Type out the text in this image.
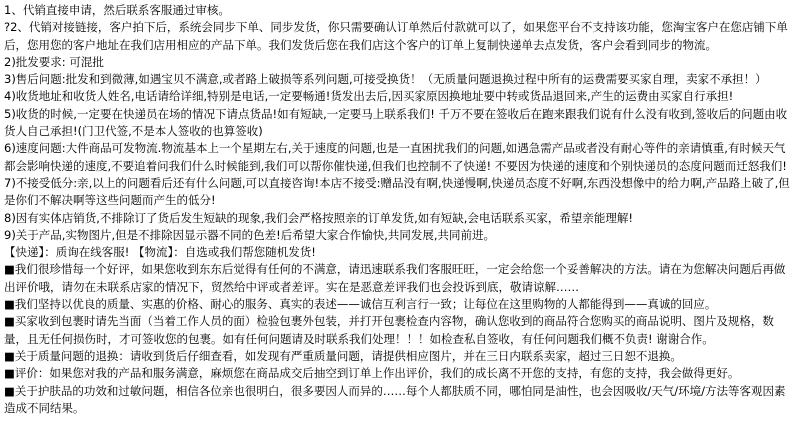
1、代销直接申请，然后联系客服通过审核。

?2、代销对接链接，客户拍下后，系统会同步下单、同步发货，你只需要确认订单然后付款就可以了，如果您平台不支持该功能，您淘宝客户在您店铺下单后，您用您的客户地址在我们店用相应的产品下单。我们发货后您在我们店这个客户的订单上复制快递单去点发货，客户会看到同步的物流。

2)批发要求: 可混批

3)售后问题:批发和到微薄,如遇宝贝不满意,或者路上破损等系列问题,可接受换货！（无质量问题退换过程中所有的运费需要买家自理，卖家不承担！）

4)收货地址和收货人姓名,电话请给详细,特别是电话,一定要畅通!货发出去后,因买家原因换地址要中转或货品退回来,产生的运费由买家自行承担!

5)收货的时候,一定要在快递员在场的情况下请点货品!如有短缺,一定要马上联系我们! 千万不要在签收后在跑来跟我们说有什么没有收到,签收后的问题由收货人自己承担!(门卫代签,不是本人签收的也算签收)

6)速度问题:大件商品可发物流.物流基本上一个星期左右,关于速度的问题,也是一直困扰我们的问题,如遇急需产品或者没有耐心等件的亲请慎重,有时候天气都会影响快递的速度,不要追着问我们什么时候能到,我们可以帮你催快递,但我们也控制不了快递! 不要因为快递的速度和个别快递员的态度问题而迁怒我们!

7)不接受低分:亲,以上的问题看后还有什么问题,可以直接咨询!本店不接受:赠品没有啊,快递慢啊,快递员态度不好啊,东西没想像中的给力啊,产品路上破了,但是你们不解决啊等这些问题而产生的低分!

8)因有实体店销货,不排除订了货后发生短缺的现象,我们会严格按照亲的订单发货,如有短缺,会电话联系买家，希望亲能理解!

9)关于产品,实物图片,但是不排除因显示器不同的色差!后希望大家合作愉快,共同发展,共同前进。

【快递】：质询在线客服! 【物流】：自选或我们帮您随机发货!

■我们很珍惜每一个好评，如果您收到东东后觉得有任何的不满意，请迅速联系我们客服旺旺，一定会给您一个妥善解决的方法。请在为您解决问题后再做出评价哦，请勿在未联系店家的情况下，贸然给中评或者差评。实在是恶意差评我们也会投诉到底，敬请谅解……

■我们坚持以优良的质量、实惠的价格、耐心的服务、真实的表述——诚信互利言行一致；让每位在这里购物的人都能得到——真诚的回应。

■买家收到包裹时请先当面（当着工作人员的面）检验包裹外包装，并打开包裹检查内容物，确认您收到的商品符合您购买的商品说明、图片及规格，数量，且无任何损伤时，才可签收您的包裹。如有任何问题请及时联系我们处理！！！如检查私自签收，有任何问题我们概不负责! 谢谢合作。

■关于质量问题的退换：请收到货后仔细查看，如发现有严重质量问题，请提供相应图片，并在三日内联系卖家，超过三日恕不退换。

■评价：如果您对我的产品和服务满意，麻烦您在商品成交后抽空到订单上作出评价，我们的成长离不开您的支持，有您的支持，我会做得更好。

■关于护肤品的功效和过敏问题，相信各位亲也很明白，很多要因人而异的……每个人都肤质不同，哪怕同是油性，也会因吸收/天气/环境/方法等客观因素造成不同结果。
